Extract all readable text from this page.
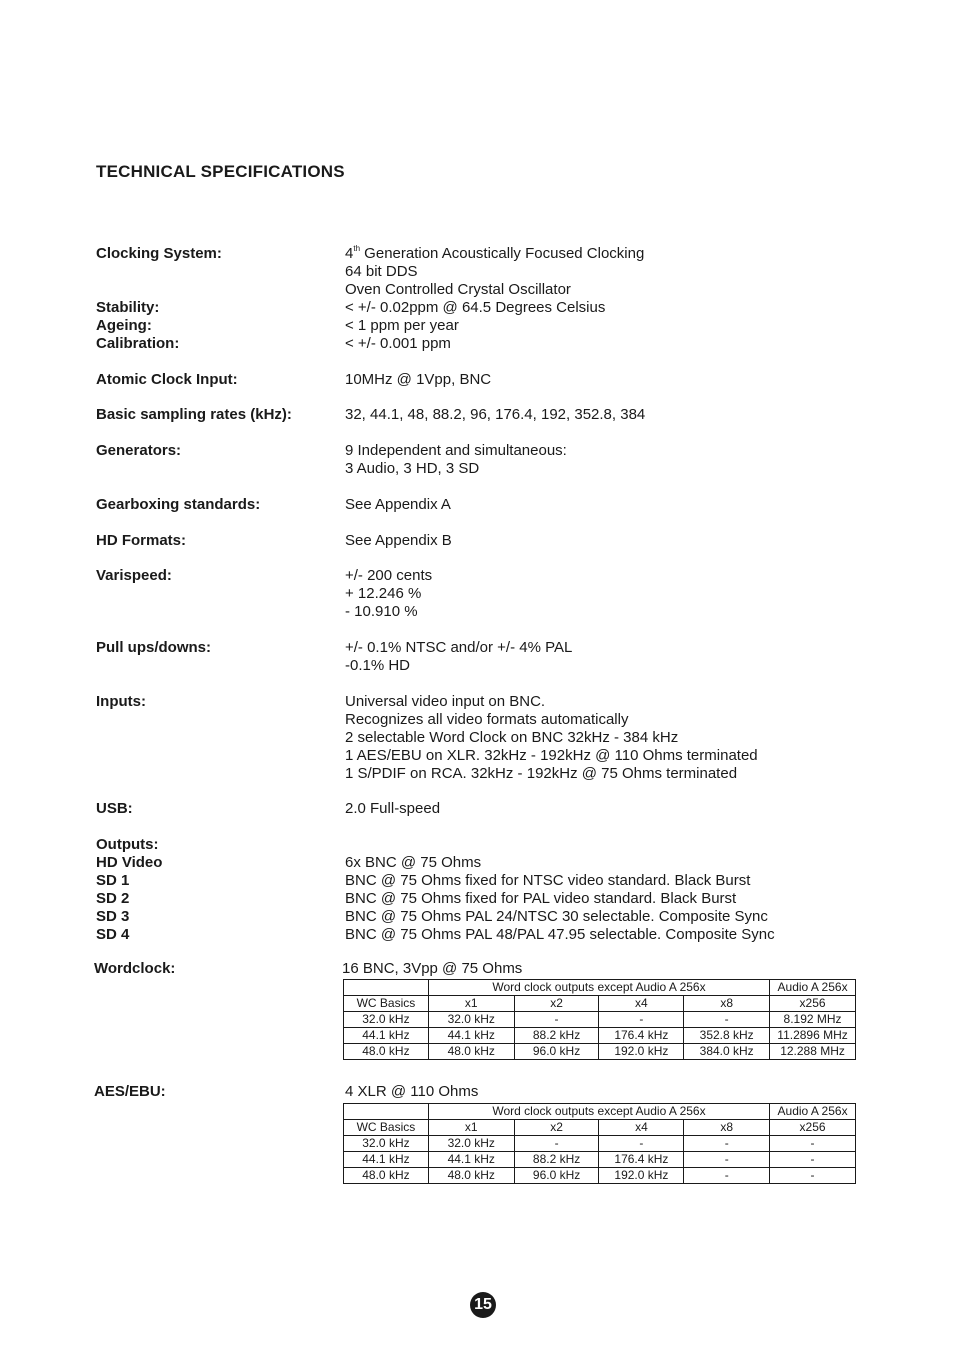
TECHNICAL SPECIFICATIONS
Clocking System:	4th Generation Acoustically Focused Clocking
64 bit DDS
Oven Controlled Crystal Oscillator
Stability:	< +/- 0.02ppm @ 64.5 Degrees Celsius
Ageing:	< 1 ppm per year
Calibration:	< +/- 0.001 ppm
Atomic Clock Input:	10MHz @ 1Vpp, BNC
Basic sampling rates (kHz):	32, 44.1, 48, 88.2, 96, 176.4, 192, 352.8, 384
Generators:	9 Independent and simultaneous:
3 Audio, 3 HD, 3 SD
Gearboxing standards:	See Appendix A
HD Formats:	See Appendix B
Varispeed:	+/- 200 cents
+ 12.246 %
- 10.910 %
Pull ups/downs:	+/- 0.1% NTSC and/or +/- 4% PAL
-0.1% HD
Inputs:	Universal video input on BNC.
Recognizes all video formats automatically
2 selectable Word Clock on BNC 32kHz - 384 kHz
1 AES/EBU on XLR. 32kHz - 192kHz @ 110 Ohms terminated
1 S/PDIF on RCA. 32kHz - 192kHz @ 75 Ohms terminated
USB:	2.0 Full-speed
Outputs:
HD Video	6x BNC @ 75 Ohms
SD 1	BNC @ 75 Ohms fixed for NTSC video standard. Black Burst
SD 2	BNC @ 75 Ohms fixed for PAL video standard. Black Burst
SD 3	BNC @ 75 Ohms PAL 24/NTSC 30 selectable. Composite Sync
SD 4	BNC @ 75 Ohms PAL 48/PAL 47.95 selectable. Composite Sync
Wordclock:	16 BNC, 3Vpp @ 75 Ohms
	Word clock outputs except Audio A 256x				Audio A 256x
WC Basics	x1	x2	x4	x8	x256
32.0 kHz	32.0 kHz	-	-	-	8.192 MHz
44.1 kHz	44.1 kHz	88.2 kHz	176.4 kHz	352.8 kHz	11.2896 MHz
48.0 kHz	48.0 kHz	96.0 kHz	192.0 kHz	384.0 kHz	12.288 MHz
AES/EBU:	4 XLR @ 110 Ohms
	Word clock outputs except Audio A 256x				Audio A 256x
WC Basics	x1	x2	x4	x8	x256
32.0 kHz	32.0 kHz	-	-	-	-
44.1 kHz	44.1 kHz	88.2 kHz	176.4 kHz	-	-
48.0 kHz	48.0 kHz	96.0 kHz	192.0 kHz	-	-
15
